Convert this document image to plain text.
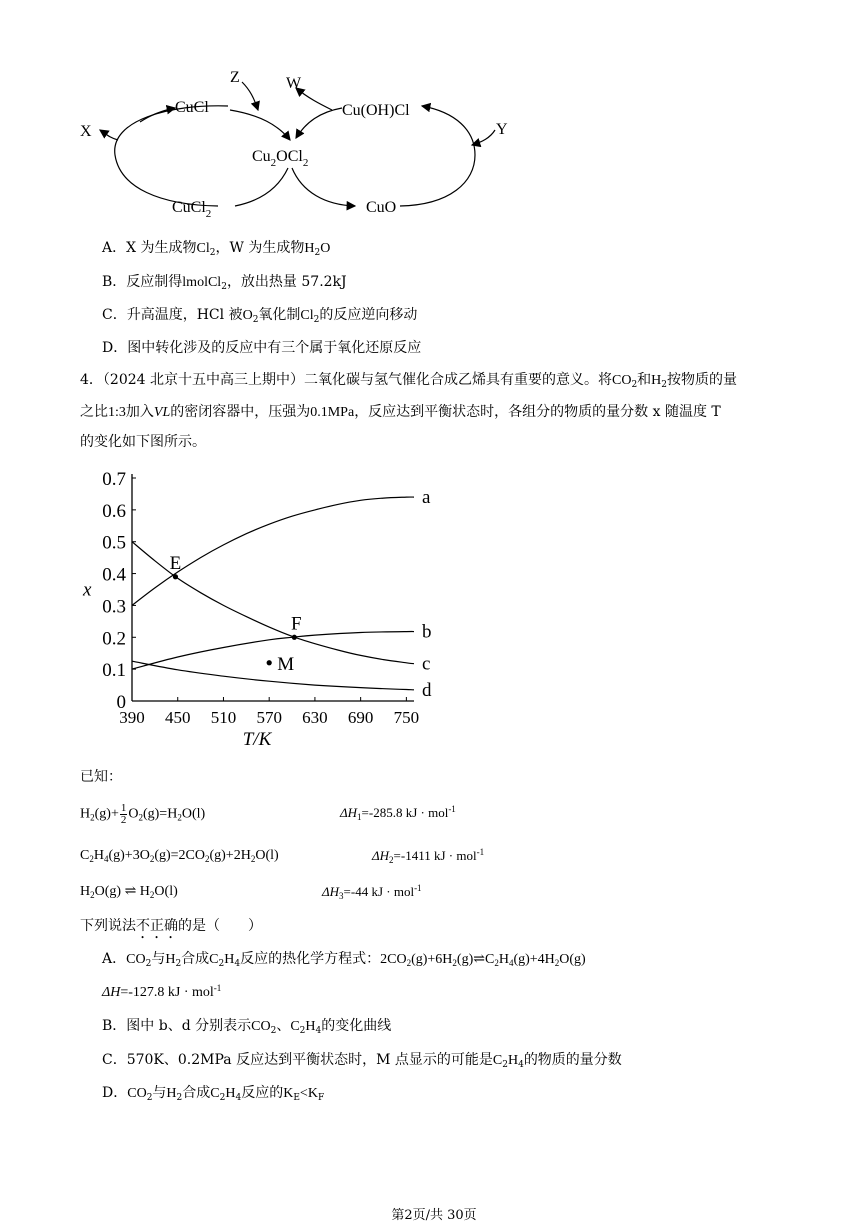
CuCl
$Cu_2OCl_2$
CuCl$_2$
Cu(OH)Cl
CuO
X	Y
Z	W
A．X 为生成物$Cl_2$，W 为生成物$H_2O$
B．反应制得lmolCl$_2$，放出热量 57.2kJ
C．升高温度，HCl 被$O_2$氧化制$Cl_2$的反应逆向移动
D．图中转化涉及的反应中有三个属于氧化还原反应
4．（2024 北京十五中高三上期中）二氧化碳与氢气催化合成乙烯具有重要的意义。将$CO_2$和$H_2$按物质的量
之比1:3加入VL的密闭容器中，压强为0.1MPa，反应达到平衡状态时，各组分的物质的量分数 x 随温度 T
的变化如下图所示。
0.7
0.6
0.5
0.4
0.3
0.2
0.1
0
390 450 510 570 630 690 750
T/K
x
a
b
c
d
E
F
M
已知：
$H_2(g)+ \frac{1}{2} O_2(g)=H_2O(l)$	$\Delta H_1=-285.8$ kJ · mol$^{-1}$
$C_2H_4(g)+3O_2(g)=2CO_2(g)+2H_2O(l)$	$\Delta H_2=-1411$ kJ · mol$^{-1}$
$H_2O(g)$ ⇌ $H_2O(l)$	$\Delta H_3=-44$ kJ · mol$^{-1}$
下列说法不正确的是（　　）
A．$CO_2$与$H_2$合成$C_2H_4$反应的热化学方程式：$2CO_2(g)+6H_2(g)\rightleftharpoons C_2H_4(g)+4H_2O(g)$
ΔH=-127.8 kJ · mol$^{-1}$
B．图中 b、d 分别表示$CO_2$、$C_2H_4$的变化曲线
C．570K、0.2MPa 反应达到平衡状态时，M 点显示的可能是$C_2H_4$的物质的量分数
D．$CO_2$与$H_2$合成$C_2H_4$反应的$K_E<K_F$
第2页/共 30页
